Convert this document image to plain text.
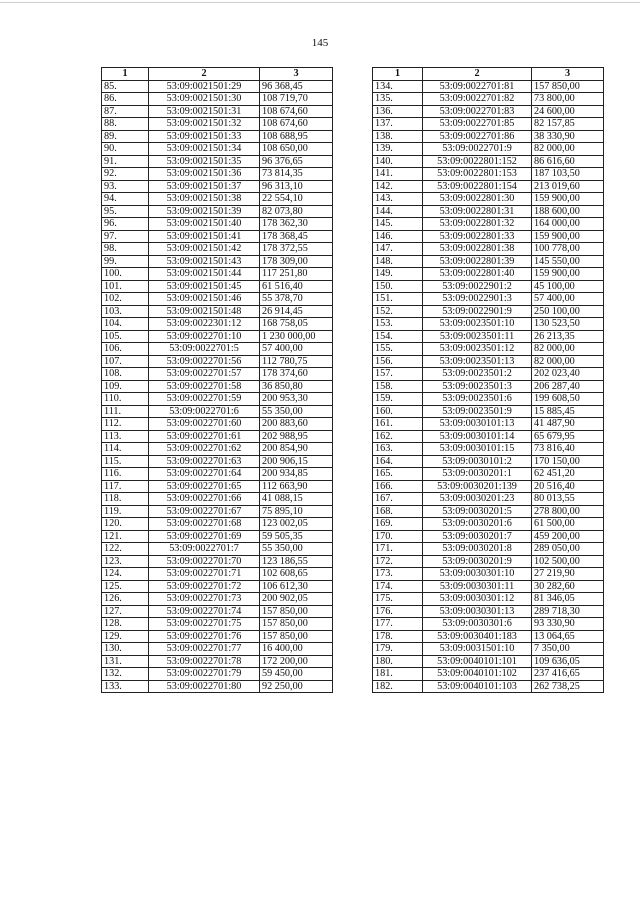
145
1	2	3
85.	53:09:0021501:29	96 368,45
86.	53:09:0021501:30	108 719,70
87.	53:09:0021501:31	108 674,60
88.	53:09:0021501:32	108 674,60
89.	53:09:0021501:33	108 688,95
90.	53:09:0021501:34	108 650,00
91.	53:09:0021501:35	96 376,65
92.	53:09:0021501:36	73 814,35
93.	53:09:0021501:37	96 313,10
94.	53:09:0021501:38	22 554,10
95.	53:09:0021501:39	82 073,80
96.	53:09:0021501:40	178 362,30
97.	53:09:0021501:41	178 368,45
98.	53:09:0021501:42	178 372,55
99.	53:09:0021501:43	178 309,00
100.	53:09:0021501:44	117 251,80
101.	53:09:0021501:45	61 516,40
102.	53:09:0021501:46	55 378,70
103.	53:09:0021501:48	26 914,45
104.	53:09:0022301:12	168 758,05
105.	53:09:0022701:10	1 230 000,00
106.	53:09:0022701:5	57 400,00
107.	53:09:0022701:56	112 780,75
108.	53:09:0022701:57	178 374,60
109.	53:09:0022701:58	36 850,80
110.	53:09:0022701:59	200 953,30
111.	53:09:0022701:6	55 350,00
112.	53:09:0022701:60	200 883,60
113.	53:09:0022701:61	202 988,95
114.	53:09:0022701:62	200 854,90
115.	53:09:0022701:63	200 906,15
116.	53:09:0022701:64	200 934,85
117.	53:09:0022701:65	112 663,90
118.	53:09:0022701:66	41 088,15
119.	53:09:0022701:67	75 895,10
120.	53:09:0022701:68	123 002,05
121.	53:09:0022701:69	59 505,35
122.	53:09:0022701:7	55 350,00
123.	53:09:0022701:70	123 186,55
124.	53:09:0022701:71	102 608,65
125.	53:09:0022701:72	106 612,30
126.	53:09:0022701:73	200 902,05
127.	53:09:0022701:74	157 850,00
128.	53:09:0022701:75	157 850,00
129.	53:09:0022701:76	157 850,00
130.	53:09:0022701:77	16 400,00
131.	53:09:0022701:78	172 200,00
132.	53:09:0022701:79	59 450,00
133.	53:09:0022701:80	92 250,00
1	2	3
134.	53:09:0022701:81	157 850,00
135.	53:09:0022701:82	73 800,00
136.	53:09:0022701:83	24 600,00
137.	53:09:0022701:85	82 157,85
138.	53:09:0022701:86	38 330,90
139.	53:09:0022701:9	82 000,00
140.	53:09:0022801:152	86 616,60
141.	53:09:0022801:153	187 103,50
142.	53:09:0022801:154	213 019,60
143.	53:09:0022801:30	159 900,00
144.	53:09:0022801:31	188 600,00
145.	53:09:0022801:32	164 000,00
146.	53:09:0022801:33	159 900,00
147.	53:09:0022801:38	100 778,00
148.	53:09:0022801:39	145 550,00
149.	53:09:0022801:40	159 900,00
150.	53:09:0022901:2	45 100,00
151.	53:09:0022901:3	57 400,00
152.	53:09:0022901:9	250 100,00
153.	53:09:0023501:10	130 523,50
154.	53:09:0023501:11	26 213,35
155.	53:09:0023501:12	82 000,00
156.	53:09:0023501:13	82 000,00
157.	53:09:0023501:2	202 023,40
158.	53:09:0023501:3	206 287,40
159.	53:09:0023501:6	199 608,50
160.	53:09:0023501:9	15 885,45
161.	53:09:0030101:13	41 487,90
162.	53:09:0030101:14	65 679,95
163.	53:09:0030101:15	73 816,40
164.	53:09:0030101:2	170 150,00
165.	53:09:0030201:1	62 451,20
166.	53:09:0030201:139	20 516,40
167.	53:09:0030201:23	80 013,55
168.	53:09:0030201:5	278 800,00
169.	53:09:0030201:6	61 500,00
170.	53:09:0030201:7	459 200,00
171.	53:09:0030201:8	289 050,00
172.	53:09:0030201:9	102 500,00
173.	53:09:0030301:10	27 219,90
174.	53:09:0030301:11	30 282,60
175.	53:09:0030301:12	81 346,05
176.	53:09:0030301:13	289 718,30
177.	53:09:0030301:6	93 330,90
178.	53:09:0030401:183	13 064,65
179.	53:09:0031501:10	7 350,00
180.	53:09:0040101:101	109 636,05
181.	53:09:0040101:102	237 416,65
182.	53:09:0040101:103	262 738,25
